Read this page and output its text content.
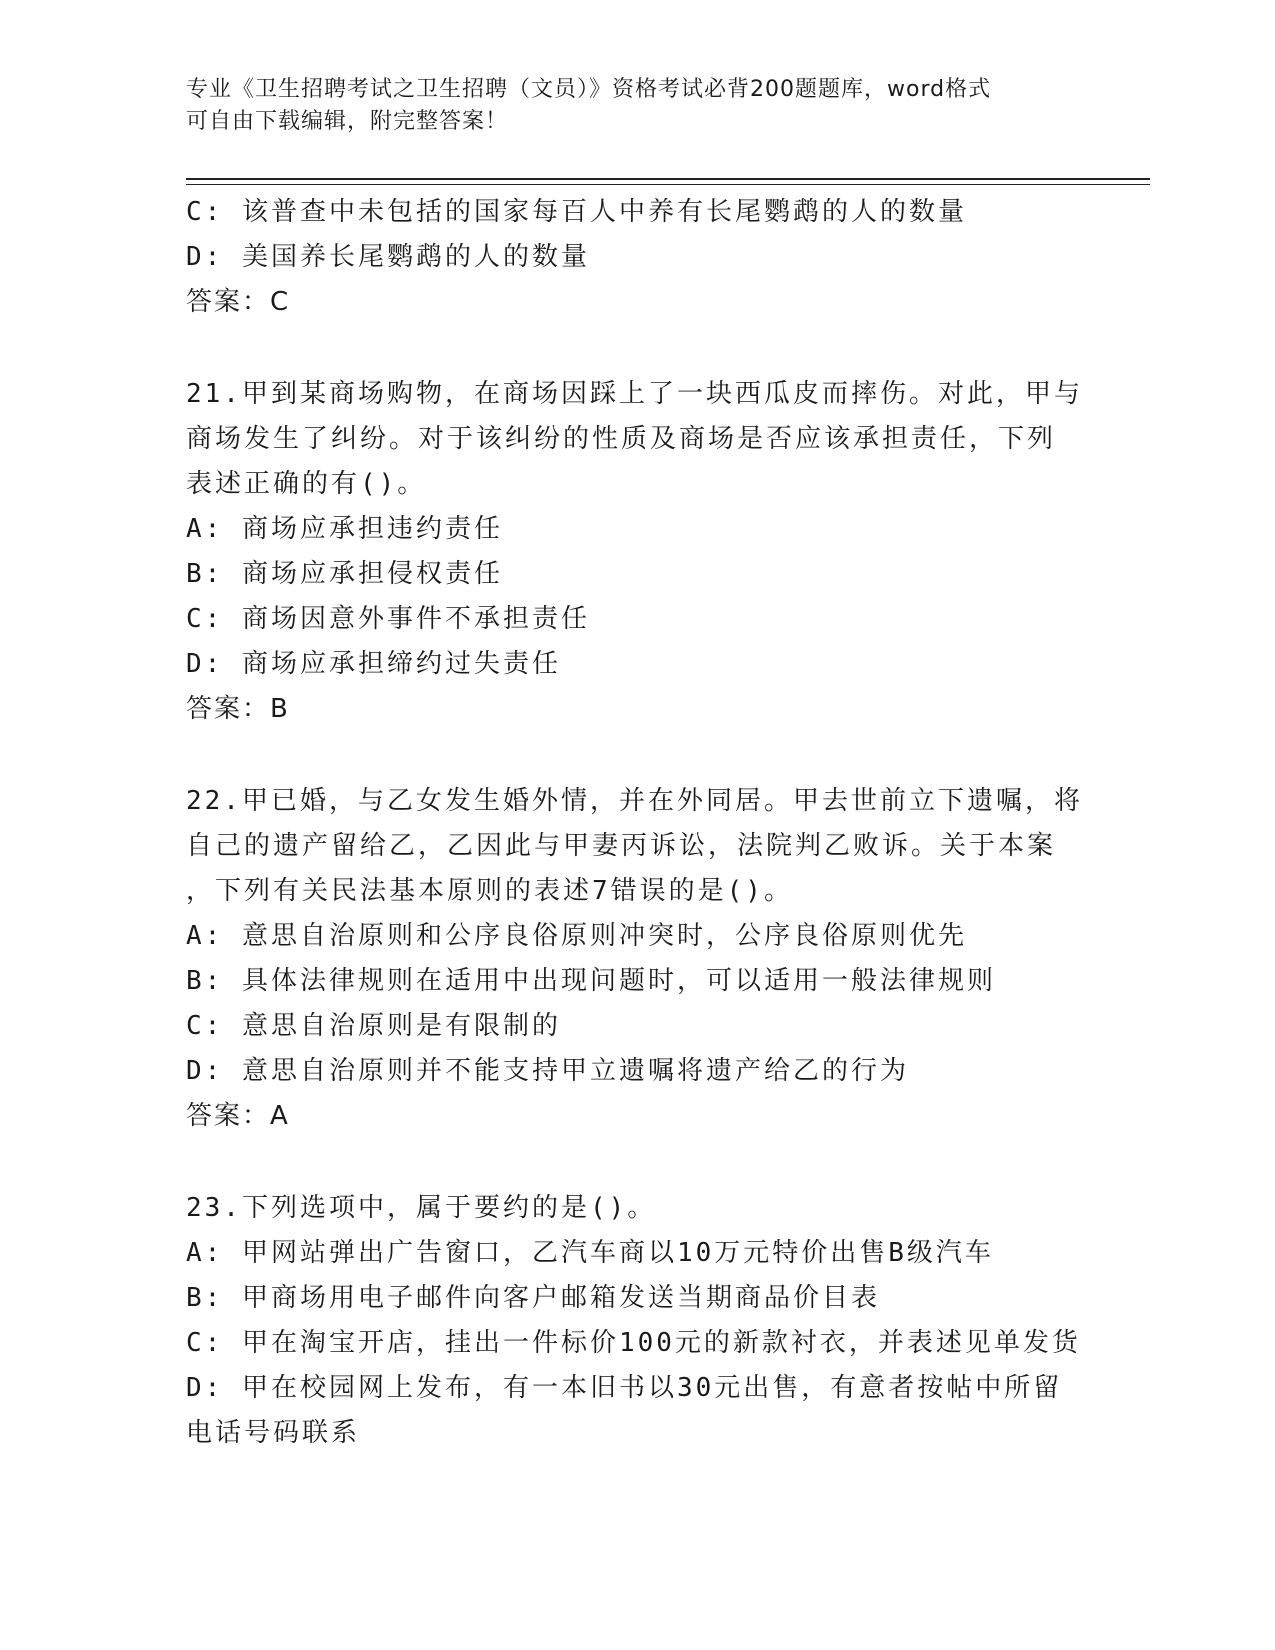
专业《卫生招聘考试之卫生招聘（文员）》资格考试必背200题题库，word格式
可自由下载编辑，附完整答案！
C: 该普查中未包括的国家每百人中养有长尾鹦鹉的人的数量
D: 美国养长尾鹦鹉的人的数量
答案：C
21.甲到某商场购物，在商场因踩上了一块西瓜皮而摔伤。对此，甲与
商场发生了纠纷。对于该纠纷的性质及商场是否应该承担责任，下列
表述正确的有()。
A: 商场应承担违约责任
B: 商场应承担侵权责任
C: 商场因意外事件不承担责任
D: 商场应承担缔约过失责任
答案：B
22.甲已婚，与乙女发生婚外情，并在外同居。甲去世前立下遗嘱，将
自己的遗产留给乙，乙因此与甲妻丙诉讼，法院判乙败诉。关于本案
，下列有关民法基本原则的表述7错误的是()。
A: 意思自治原则和公序良俗原则冲突时，公序良俗原则优先
B: 具体法律规则在适用中出现问题时，可以适用一般法律规则
C: 意思自治原则是有限制的
D: 意思自治原则并不能支持甲立遗嘱将遗产给乙的行为
答案：A
23.下列选项中，属于要约的是()。
A: 甲网站弹出广告窗口，乙汽车商以10万元特价出售B级汽车
B: 甲商场用电子邮件向客户邮箱发送当期商品价目表
C: 甲在淘宝开店，挂出一件标价100元的新款衬衣，并表述见单发货
D: 甲在校园网上发布，有一本旧书以30元出售，有意者按帖中所留
电话号码联系
